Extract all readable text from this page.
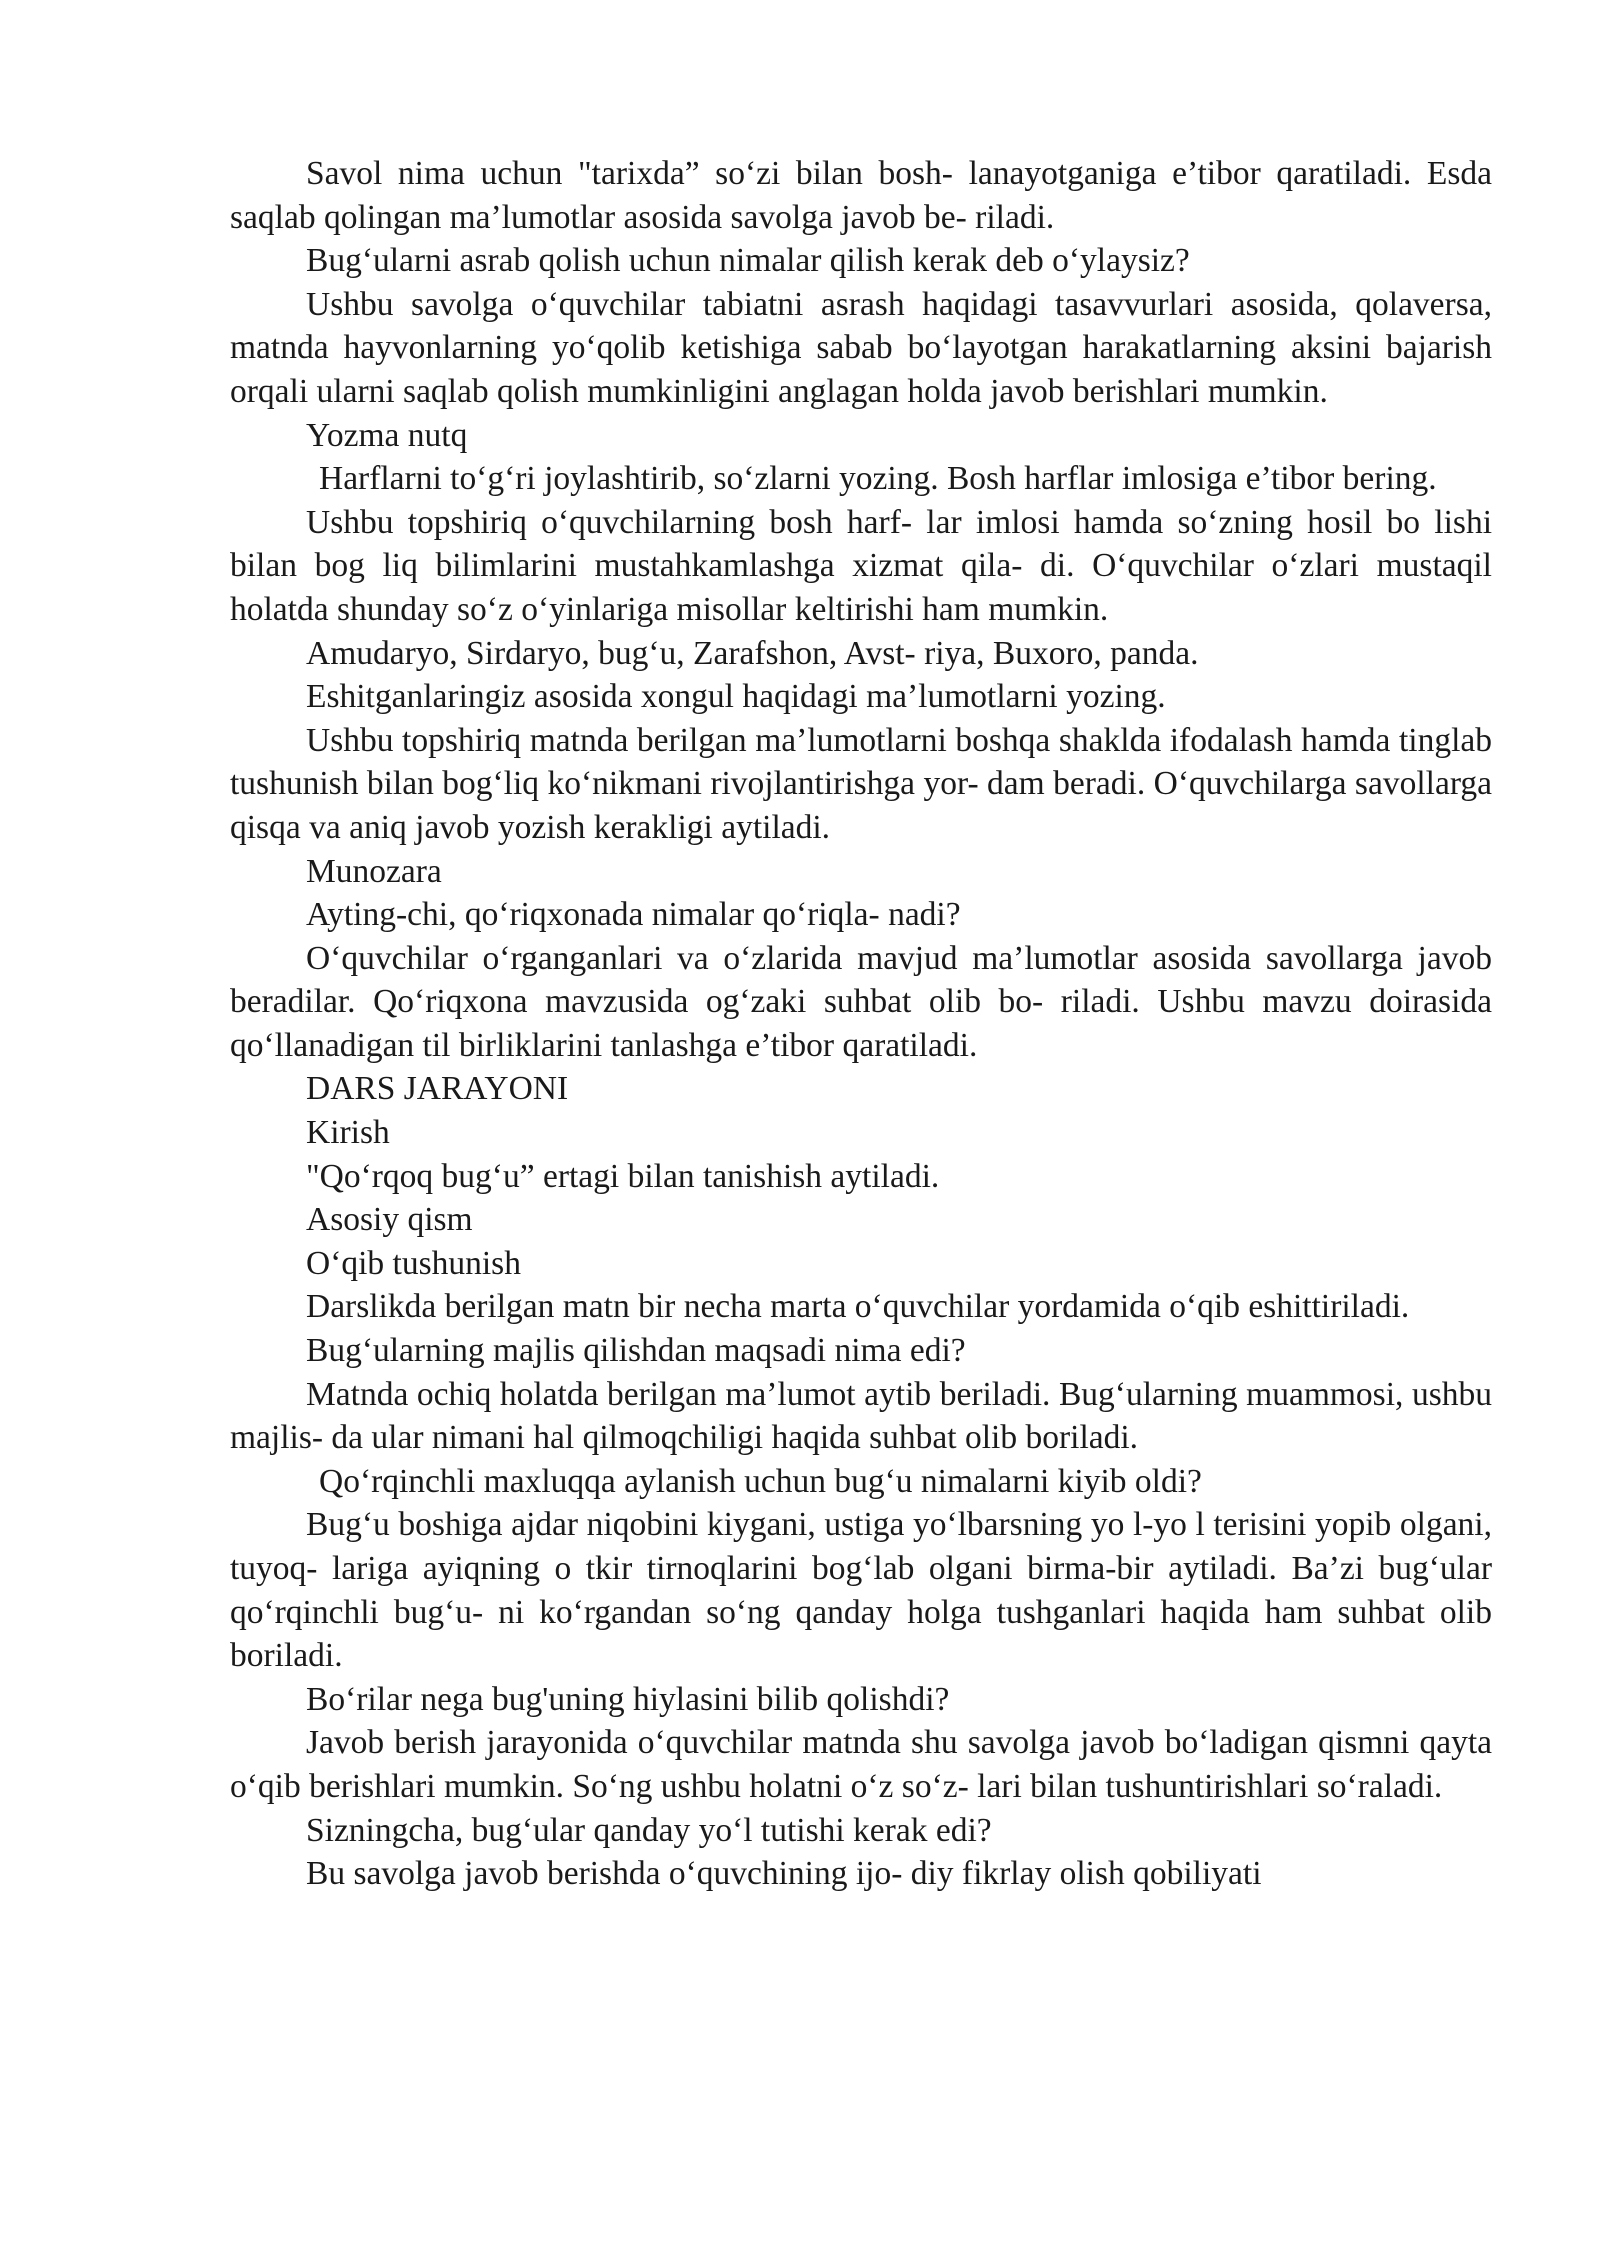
Savol nima uchun "tarixda” so‘zi bilan bosh- lanayotganiga e’tibor qaratiladi. Esda saqlab qolingan ma’lumotlar asosida savolga javob be- riladi.

Bug‘ularni asrab qolish uchun nimalar qilish kerak deb o‘ylaysiz?

Ushbu savolga o‘quvchilar tabiatni asrash haqidagi tasavvurlari asosida, qolaversa, matnda hayvonlarning yo‘qolib ketishiga sabab bo‘layotgan harakatlarning aksini bajarish orqali ularni saqlab qolish mumkinligini anglagan holda javob berishlari mumkin.

Yozma nutq

Harflarni to‘g‘ri joylashtirib, so‘zlarni yozing. Bosh harflar imlosiga e’tibor bering.

Ushbu topshiriq o‘quvchilarning bosh harf- lar imlosi hamda so‘zning hosil bo lishi bilan bog liq bilimlarini mustahkamlashga xizmat qila- di. O‘quvchilar o‘zlari mustaqil holatda shunday so‘z o‘yinlariga misollar keltirishi ham mumkin.

Amudaryo, Sirdaryo, bug‘u, Zarafshon, Avst- riya, Buxoro, panda.

Eshitganlaringiz asosida xongul haqidagi ma’lumotlarni yozing.

Ushbu topshiriq matnda berilgan ma’lumotlarni boshqa shaklda ifodalash hamda tinglab tushunish bilan bog‘liq ko‘nikmani rivojlantirishga yor- dam beradi. O‘quvchilarga savollarga qisqa va aniq javob yozish kerakligi aytiladi.

Munozara

Ayting-chi, qo‘riqxonada nimalar qo‘riqla- nadi?

O‘quvchilar o‘rganganlari va o‘zlarida mavjud ma’lumotlar asosida savollarga javob beradilar. Qo‘riqxona mavzusida og‘zaki suhbat olib bo- riladi. Ushbu mavzu doirasida qo‘llanadigan til birliklarini tanlashga e’tibor qaratiladi.

DARS JARAYONI

Kirish

"Qo‘rqoq bug‘u” ertagi bilan tanishish aytiladi.

Asosiy qism

O‘qib tushunish

Darslikda berilgan matn bir necha marta o‘quvchilar yordamida o‘qib eshittiriladi.

Bug‘ularning majlis qilishdan maqsadi nima edi?

Matnda ochiq holatda berilgan ma’lumot aytib beriladi. Bug‘ularning muammosi, ushbu majlis- da ular nimani hal qilmoqchiligi haqida suhbat olib boriladi.

Qo‘rqinchli maxluqqa aylanish uchun bug‘u nimalarni kiyib oldi?

Bug‘u boshiga ajdar niqobini kiygani, ustiga yo‘lbarsning yo l-yo l terisini yopib olgani, tuyoq- lariga ayiqning o tkir tirnoqlarini bog‘lab olgani birma-bir aytiladi. Ba’zi bug‘ular qo‘rqinchli bug‘u- ni ko‘rgandan so‘ng qanday holga tushganlari haqida ham suhbat olib boriladi.

Bo‘rilar nega bug'uning hiylasini bilib qolishdi?

Javob berish jarayonida o‘quvchilar matnda shu savolga javob bo‘ladigan qismni qayta o‘qib berishlari mumkin. So‘ng ushbu holatni o‘z so‘z- lari bilan tushuntirishlari so‘raladi.

Sizningcha, bug‘ular qanday yo‘l tutishi kerak edi?

Bu savolga javob berishda o‘quvchining ijo- diy fikrlay olish qobiliyati
